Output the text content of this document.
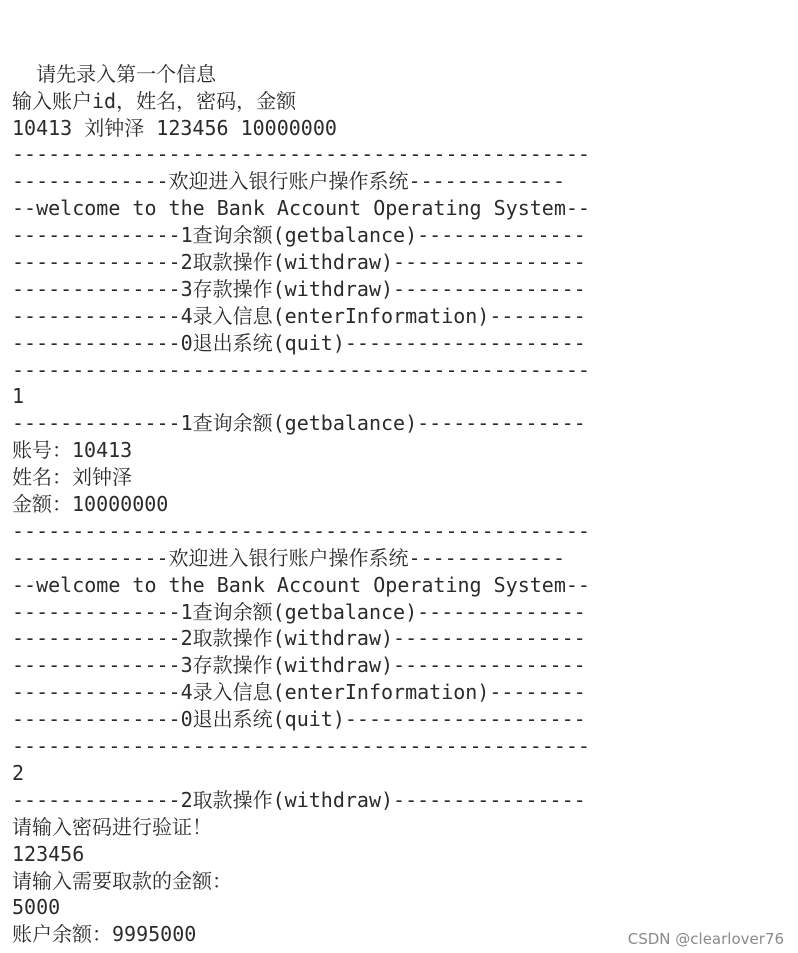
请先录入第一个信息
输入账户id，姓名，密码，金额
10413 刘钟泽 123456 10000000
------------------------------------------------
-------------欢迎进入银行账户操作系统-------------
--welcome to the Bank Account Operating System--
--------------1查询余额(getbalance)--------------
--------------2取款操作(withdraw)----------------
--------------3存款操作(withdraw)----------------
--------------4录入信息(enterInformation)--------
--------------0退出系统(quit)--------------------
------------------------------------------------
1
--------------1查询余额(getbalance)--------------
账号：10413
姓名：刘钟泽
金额：10000000
------------------------------------------------
-------------欢迎进入银行账户操作系统-------------
--welcome to the Bank Account Operating System--
--------------1查询余额(getbalance)--------------
--------------2取款操作(withdraw)----------------
--------------3存款操作(withdraw)----------------
--------------4录入信息(enterInformation)--------
--------------0退出系统(quit)--------------------
------------------------------------------------
2
--------------2取款操作(withdraw)----------------
请输入密码进行验证！
123456
请输入需要取款的金额：
5000
账户余额：9995000	CSDN @clearlover76
